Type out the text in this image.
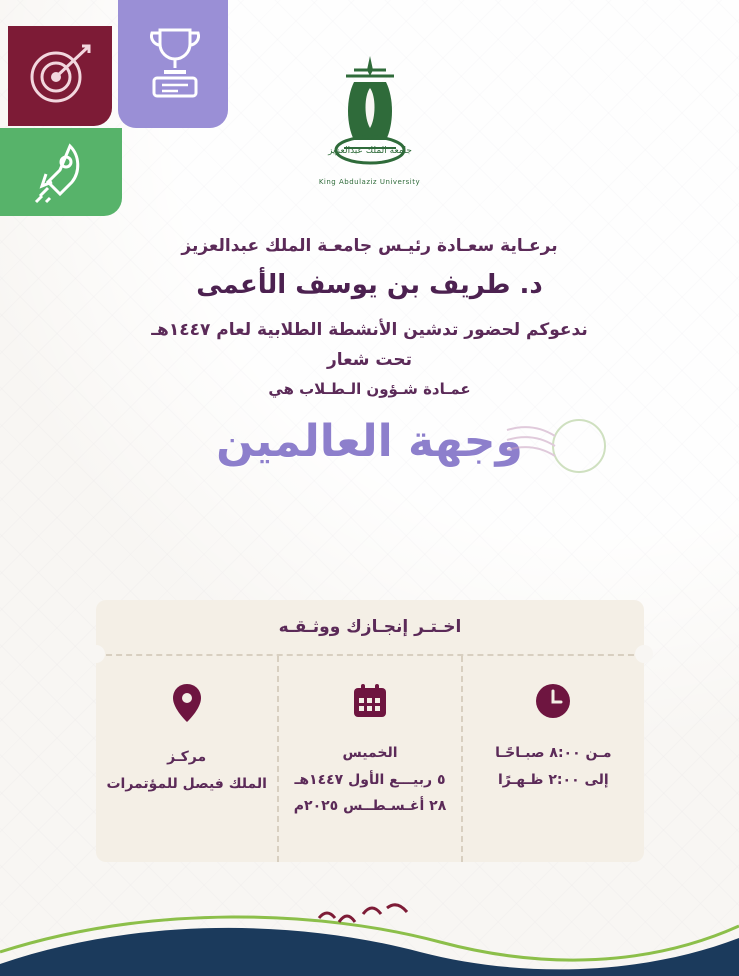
جامعة الملك عبدالعزيز
King Abdulaziz University
برعـاية سعـادة رئيـس جامعـة الملك عبدالعزيز
د. طريف بن يوسف الأعمى
ندعوكم لحضور تدشين الأنشطة الطلابية لعام ١٤٤٧هـ
تحت شعار
عمـادة شـؤون الـطـلاب هي
وجهة العالمين
اخـتـر إنجـازك ووثـقـه
مـن ٨:٠٠ صبـاحًـا
إلى ٢:٠٠ ظـهـرًا
الخميس
٥ ربيـــع الأول ١٤٤٧هـ
٢٨ أغـسـطــس ٢٠٢٥م
مركـز
الملك فيصل للمؤتمرات
